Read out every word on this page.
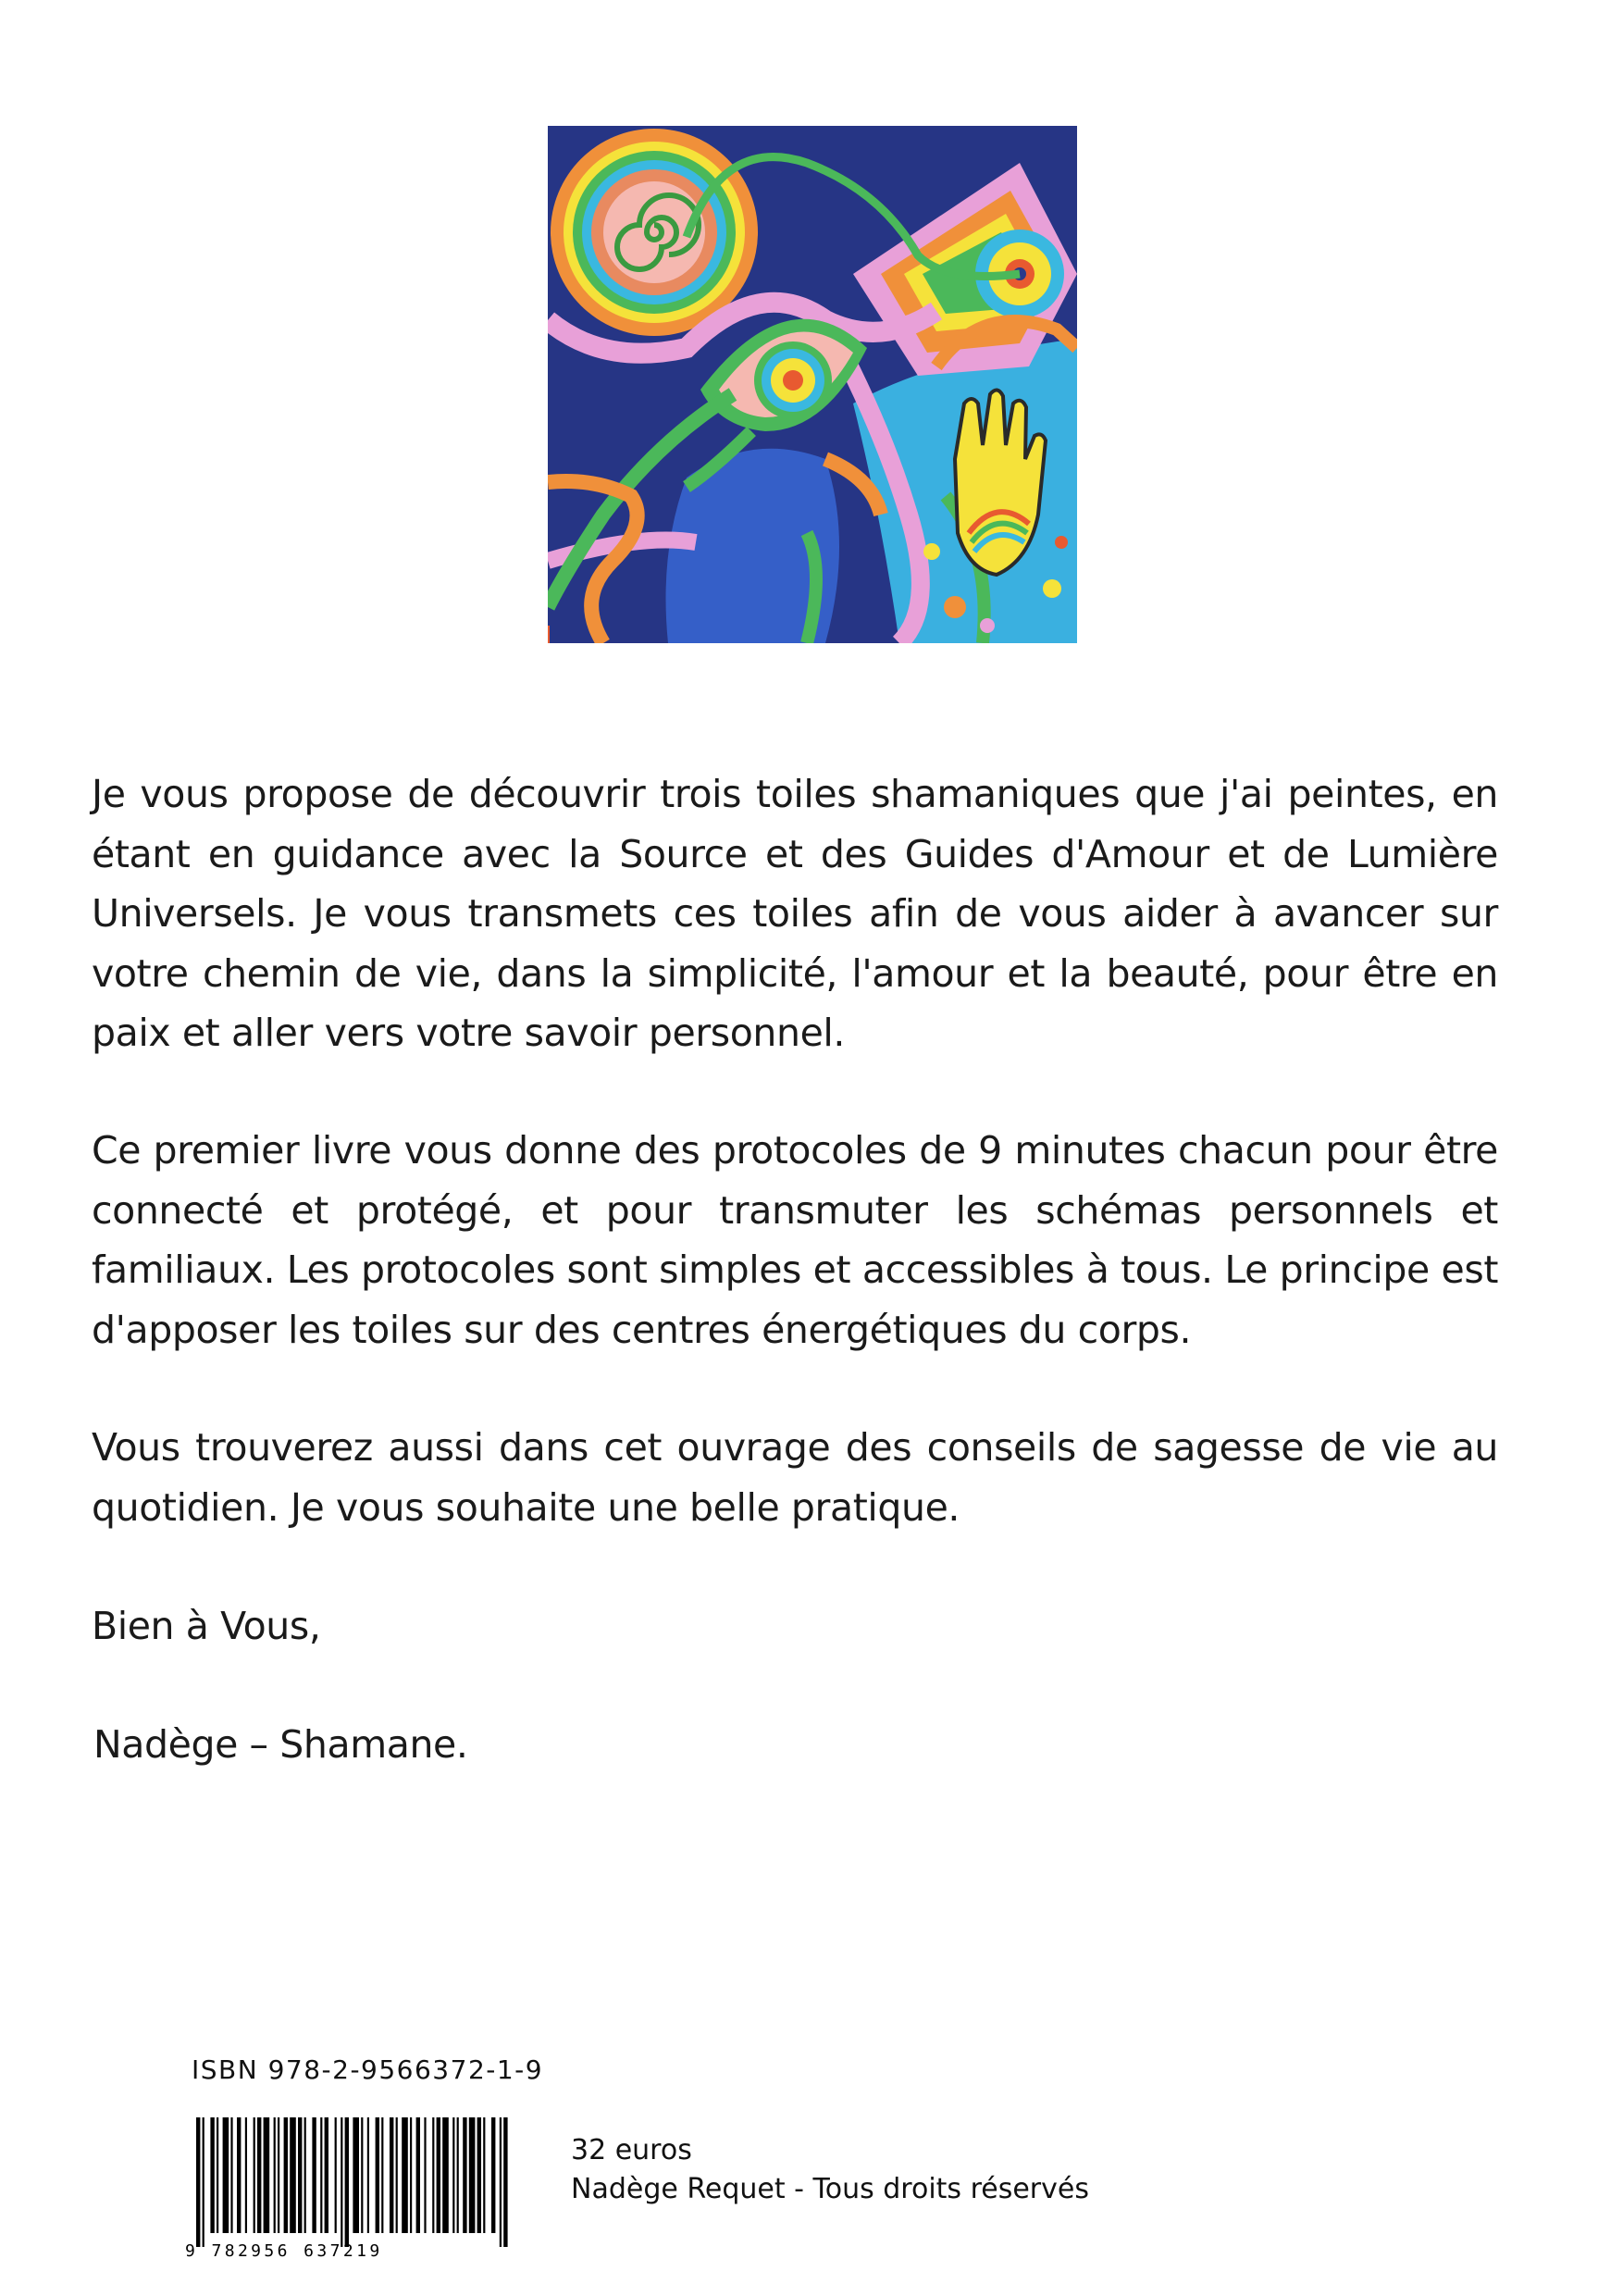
Je vous propose de découvrir trois toiles shamaniques que j'ai peintes, en étant en guidance avec la Source et des Guides d'Amour et de Lumière Universels. Je vous transmets ces toiles afin de vous aider à avancer sur votre chemin de vie, dans la simplicité, l'amour et la beauté, pour être en paix et aller vers votre savoir personnel.

Ce premier livre vous donne des protocoles de 9 minutes chacun pour être connecté et protégé, et pour transmuter les schémas personnels et familiaux. Les protocoles sont simples et accessibles à tous. Le principe est d'apposer les toiles sur des centres énergétiques du corps.

Vous trouverez aussi dans cet ouvrage des conseils de sagesse de vie au quotidien. Je vous souhaite une belle pratique.

Bien à Vous,

Nadège – Shamane.

ISBN 978-2-9566372-1-9
9 782956 637219
32 euros
Nadège Requet - Tous droits réservés
